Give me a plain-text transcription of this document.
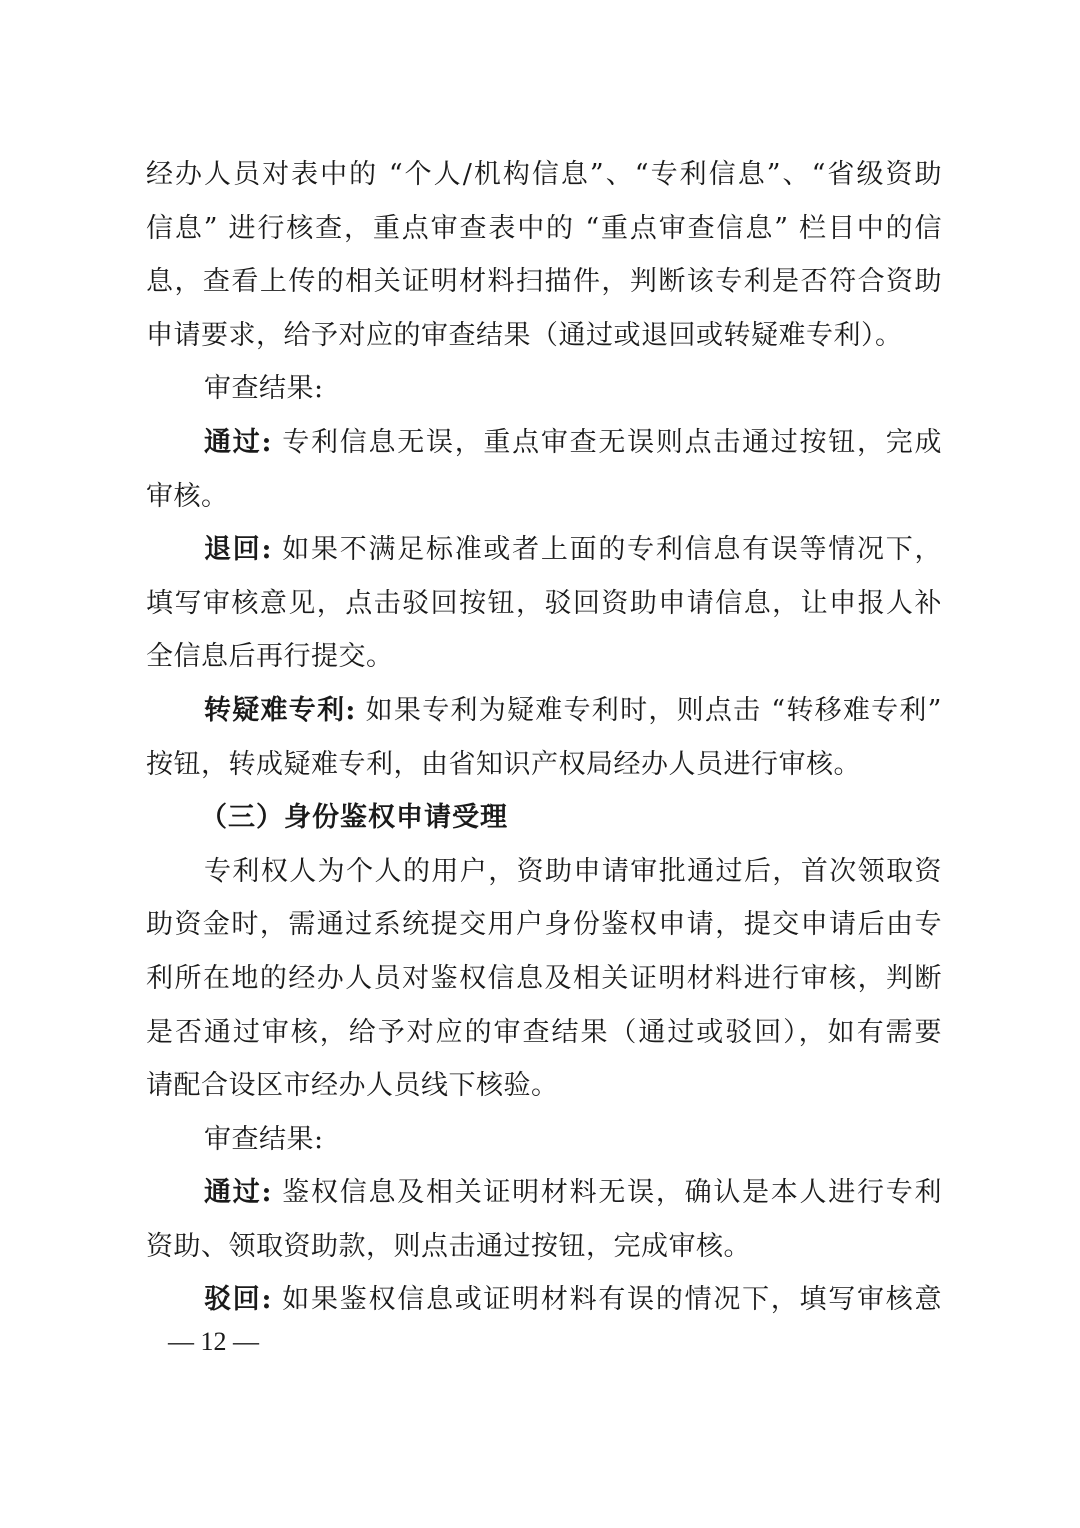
经办人员对表中的 “个人/机构信息”、“专利信息”、“省级资助
信息” 进行核查，重点审查表中的 “重点审查信息” 栏目中的信
息，查看上传的相关证明材料扫描件，判断该专利是否符合资助
申请要求，给予对应的审查结果（通过或退回或转疑难专利）。
审查结果:
通过: 专利信息无误，重点审查无误则点击通过按钮，完成
审核。
退回: 如果不满足标准或者上面的专利信息有误等情况下，
填写审核意见，点击驳回按钮，驳回资助申请信息，让申报人补
全信息后再行提交。
转疑难专利: 如果专利为疑难专利时，则点击 “转移难专利”
按钮，转成疑难专利，由省知识产权局经办人员进行审核。
（三）身份鉴权申请受理
专利权人为个人的用户，资助申请审批通过后，首次领取资
助资金时，需通过系统提交用户身份鉴权申请，提交申请后由专
利所在地的经办人员对鉴权信息及相关证明材料进行审核，判断
是否通过审核，给予对应的审查结果（通过或驳回），如有需要
请配合设区市经办人员线下核验。
审查结果:
通过: 鉴权信息及相关证明材料无误，确认是本人进行专利
资助、领取资助款，则点击通过按钮，完成审核。
驳回: 如果鉴权信息或证明材料有误的情况下，填写审核意
— 12 —
